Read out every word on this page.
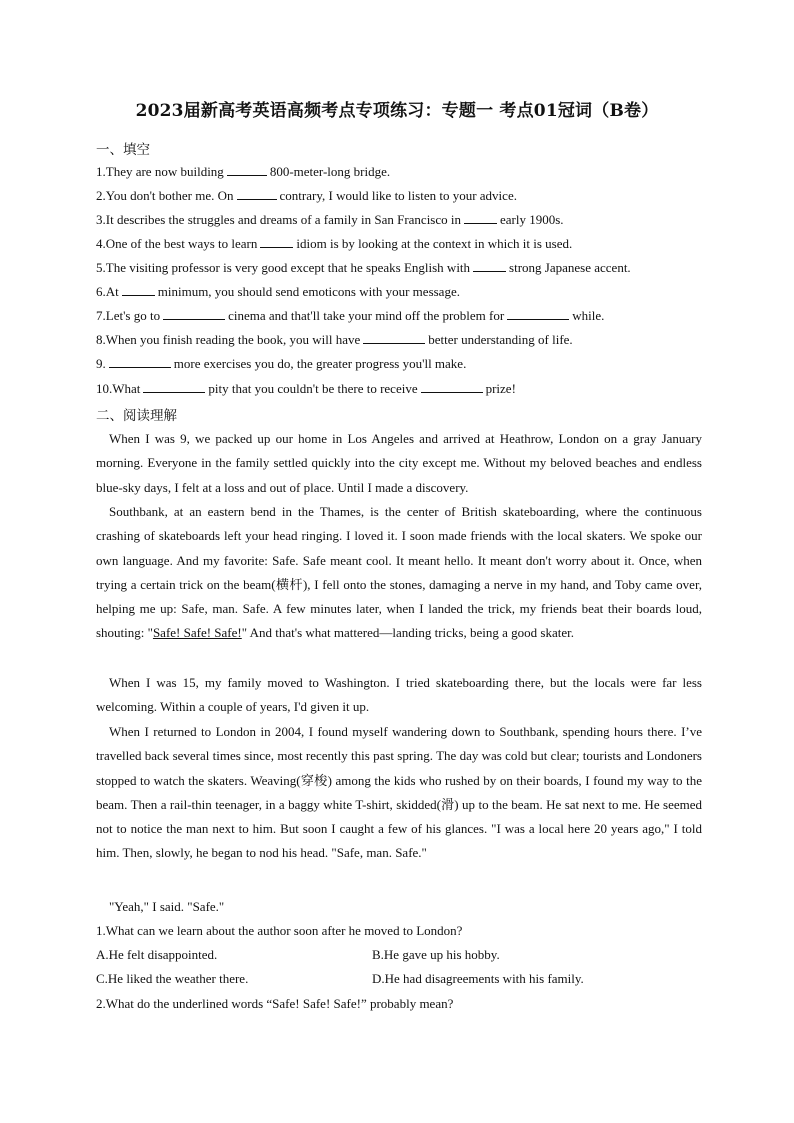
2023届新高考英语高频考点专项练习：专题一 考点01冠词（B卷）
一、填空
1.They are now building	800-meter-long bridge.
2.You don't bother me. On	contrary, I would like to listen to your advice.
3.It describes the struggles and dreams of a family in San Francisco in	early 1900s.
4.One of the best ways to learn	idiom is by looking at the context in which it is used.
5.The visiting professor is very good except that he speaks English with	strong Japanese accent.
6.At	minimum, you should send emoticons with your message.
7.Let's go to	cinema and that'll take your mind off the problem for	while.
8.When you finish reading the book, you will have	better understanding of life.
9.	more exercises you do, the greater progress you'll make.
10.What	pity that you couldn't be there to receive	prize!
二、阅读理解
When I was 9, we packed up our home in Los Angeles and arrived at Heathrow, London on a gray January morning. Everyone in the family settled quickly into the city except me. Without my beloved beaches and endless blue-sky days, I felt at a loss and out of place. Until I made a discovery.
Southbank, at an eastern bend in the Thames, is the center of British skateboarding, where the continuous crashing of skateboards left your head ringing. I loved it. I soon made friends with the local skaters. We spoke our own language. And my favorite: Safe. Safe meant cool. It meant hello. It meant don't worry about it. Once, when trying a certain trick on the beam(横杆), I fell onto the stones, damaging a nerve in my hand, and Toby came over, helping me up: Safe, man. Safe. A few minutes later, when I landed the trick, my friends beat their boards loud, shouting: "Safe! Safe! Safe!" And that's what mattered—landing tricks, being a good skater.
When I was 15, my family moved to Washington. I tried skateboarding there, but the locals were far less welcoming. Within a couple of years, I'd given it up.
When I returned to London in 2004, I found myself wandering down to Southbank, spending hours there. I’ve travelled back several times since, most recently this past spring. The day was cold but clear; tourists and Londoners stopped to watch the skaters. Weaving(穿梭) among the kids who rushed by on their boards, I found my way to the beam. Then a rail-thin teenager, in a baggy white T-shirt, skidded(滑) up to the beam. He sat next to me. He seemed not to notice the man next to him. But soon I caught a few of his glances. "I was a local here 20 years ago," I told him. Then, slowly, he began to nod his head. "Safe, man. Safe."
"Yeah," I said. "Safe."
1.What can we learn about the author soon after he moved to London?
A.He felt disappointed.	B.He gave up his hobby.
C.He liked the weather there.	D.He had disagreements with his family.
2.What do the underlined words “Safe! Safe! Safe!” probably mean?
